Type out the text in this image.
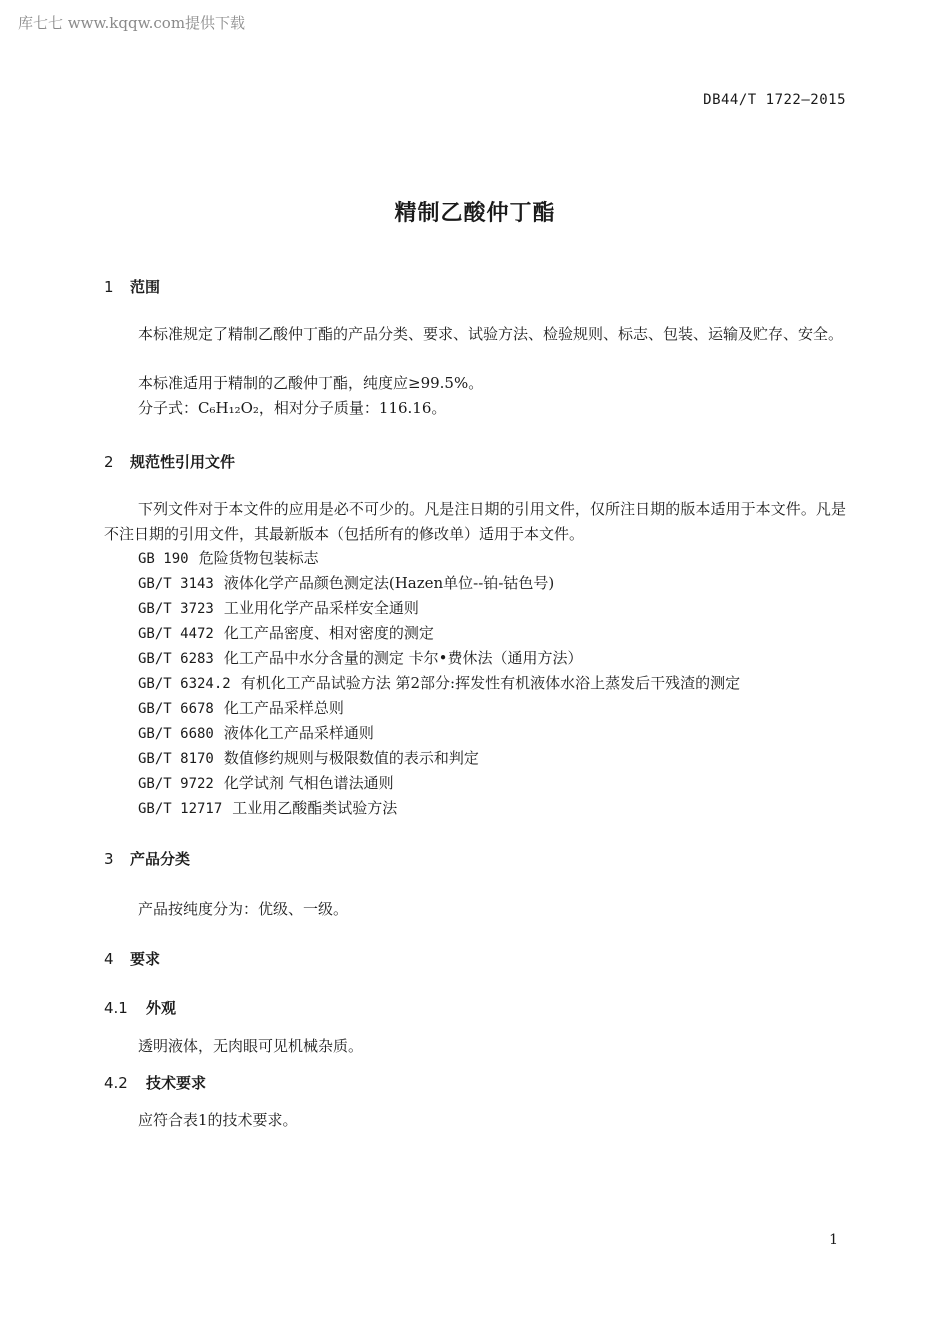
库七七 www.kqqw.com提供下载
DB44/T 1722—2015
精制乙酸仲丁酯
1 范围
本标准规定了精制乙酸仲丁酯的产品分类、要求、试验方法、检验规则、标志、包装、运输及贮存、安全。
本标准适用于精制的乙酸仲丁酯，纯度应≥99.5%。
分子式：C₆H₁₂O₂，相对分子质量：116.16。
2 规范性引用文件
下列文件对于本文件的应用是必不可少的。凡是注日期的引用文件，仅所注日期的版本适用于本文件。凡是不注日期的引用文件，其最新版本（包括所有的修改单）适用于本文件。
GB 190 危险货物包装标志
GB/T 3143 液体化学产品颜色测定法(Hazen单位--铂-钴色号)
GB/T 3723 工业用化学产品采样安全通则
GB/T 4472 化工产品密度、相对密度的测定
GB/T 6283 化工产品中水分含量的测定 卡尔•费休法（通用方法）
GB/T 6324.2 有机化工产品试验方法 第2部分:挥发性有机液体水浴上蒸发后干残渣的测定
GB/T 6678 化工产品采样总则
GB/T 6680 液体化工产品采样通则
GB/T 8170 数值修约规则与极限数值的表示和判定
GB/T 9722 化学试剂 气相色谱法通则
GB/T 12717 工业用乙酸酯类试验方法
3 产品分类
产品按纯度分为：优级、一级。
4 要求
4.1 外观
透明液体，无肉眼可见机械杂质。
4.2 技术要求
应符合表1的技术要求。
1
